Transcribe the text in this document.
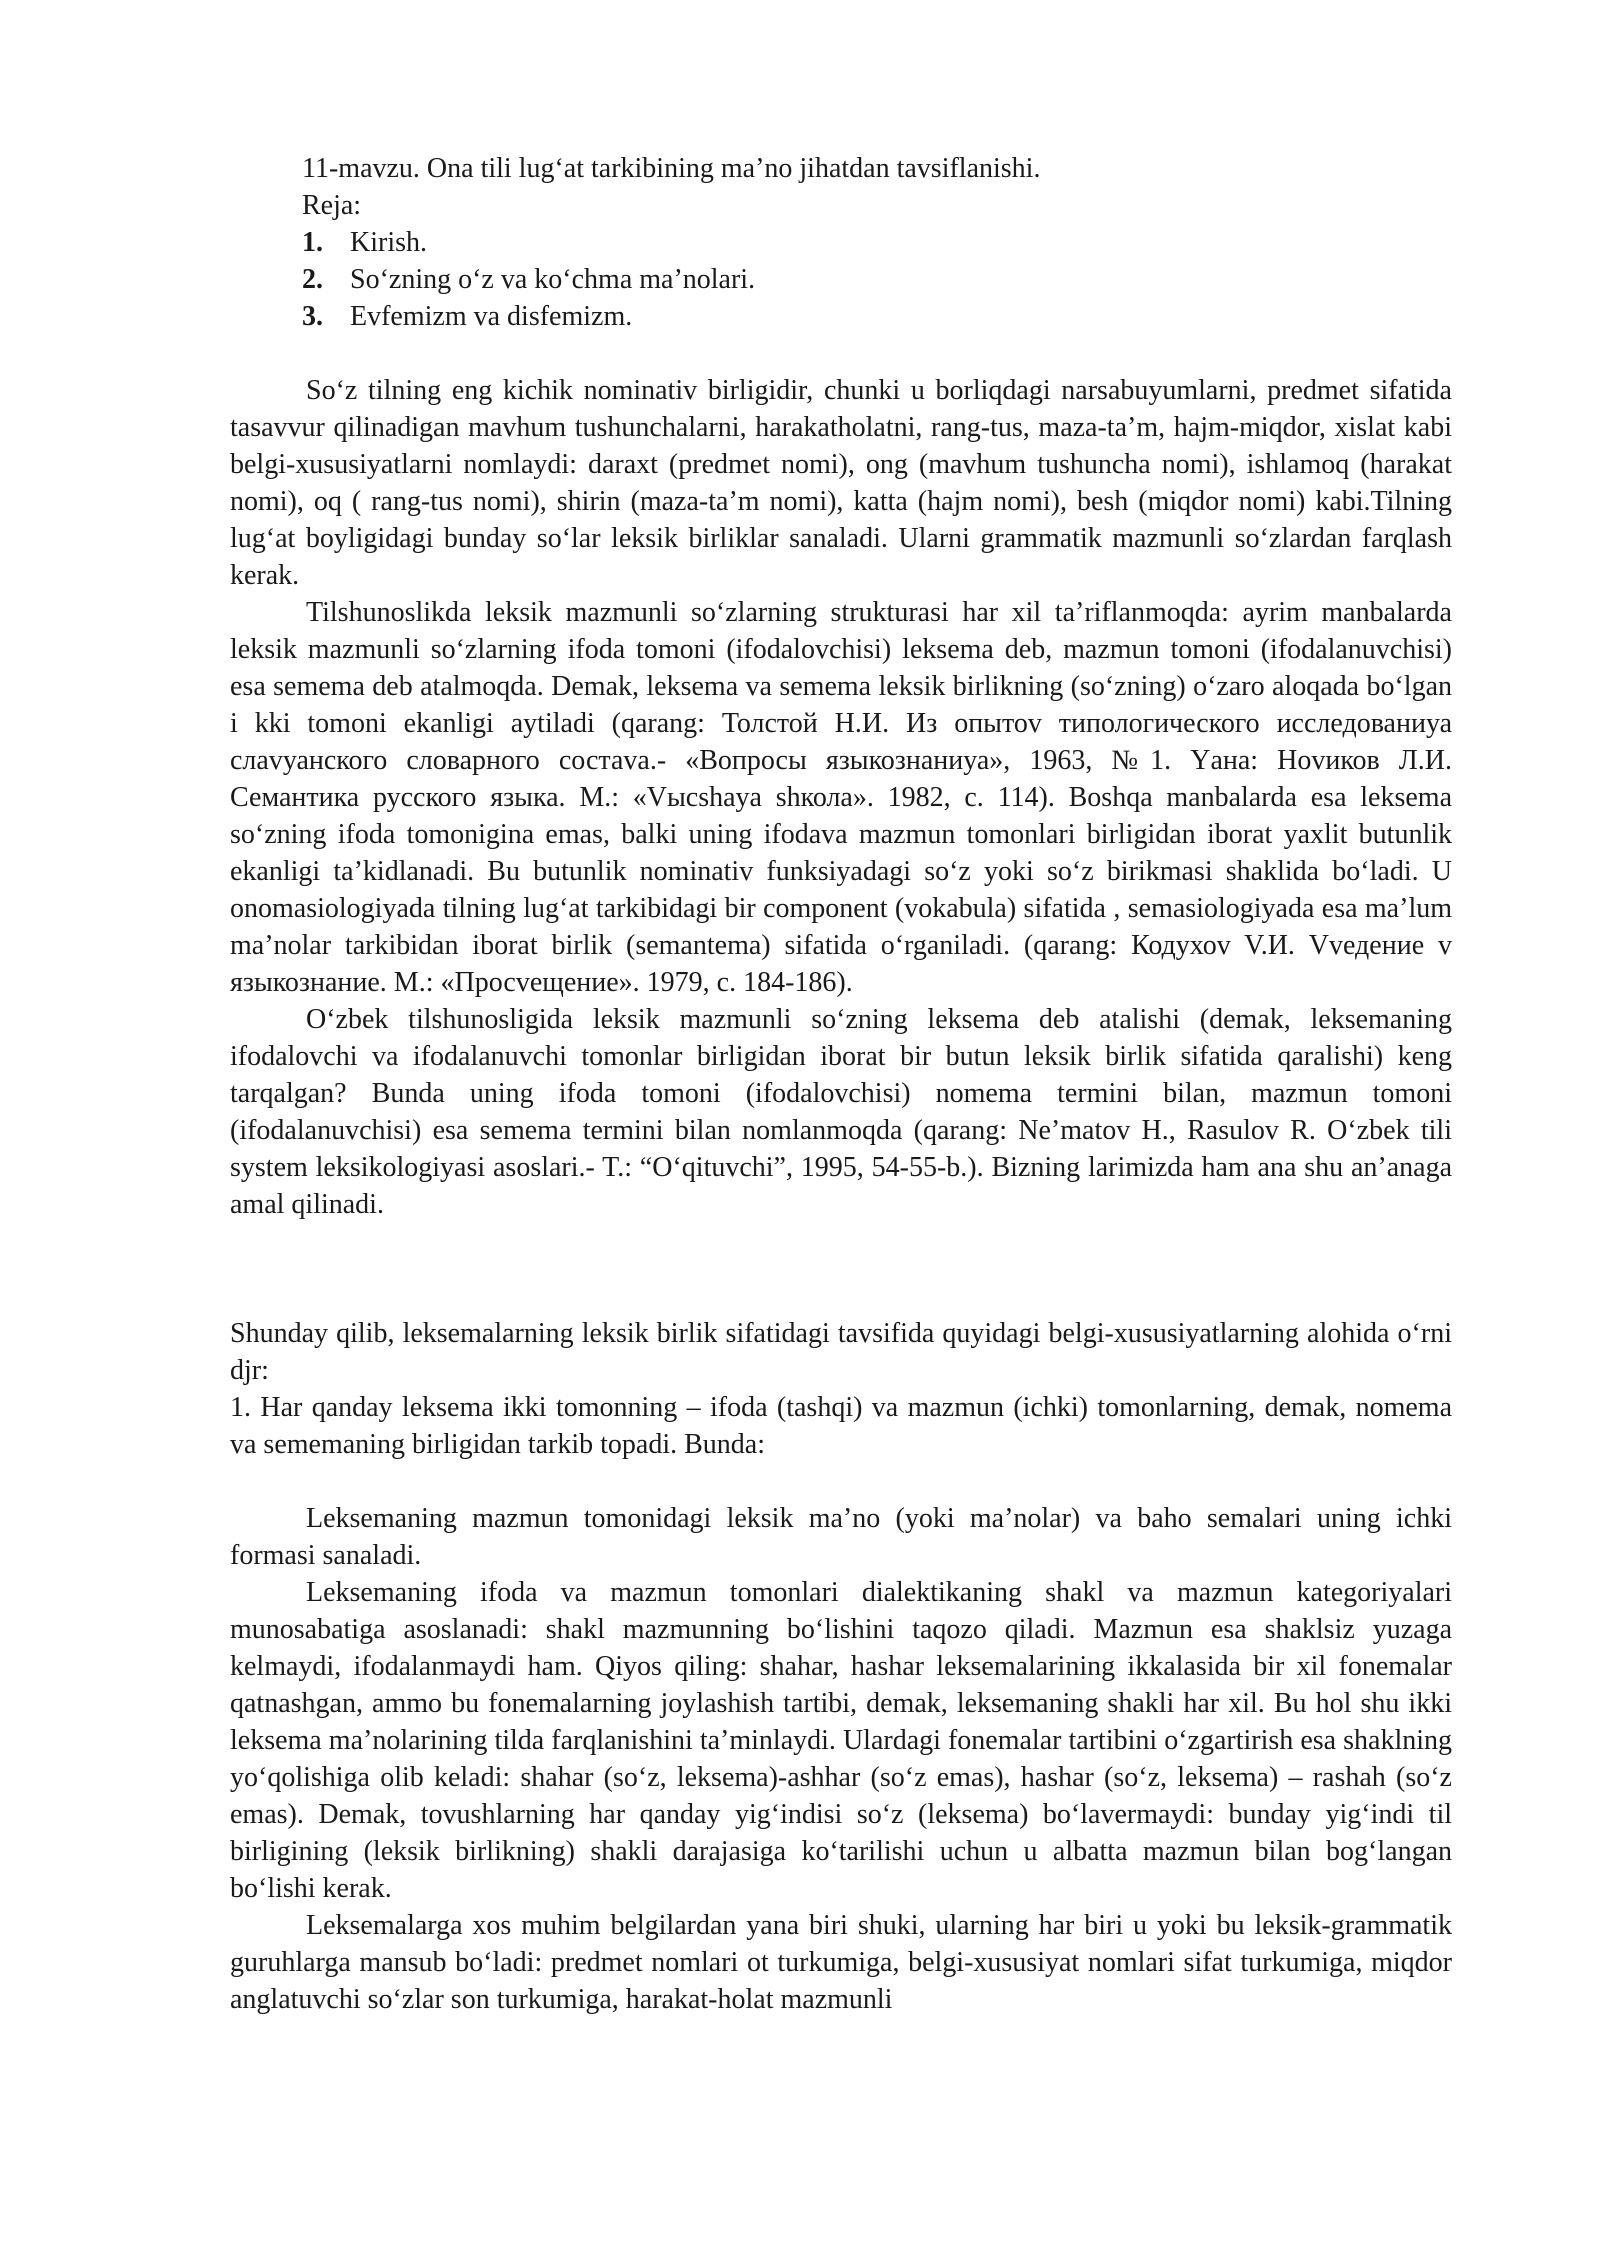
11-mavzu. Ona tili lug‘at tarkibining ma’no jihatdan tavsiflanishi.
Reja:
1. Kirish.
2. So‘zning o‘z va ko‘chma ma’nolari.
3. Evfemizm va disfemizm.

So‘z tilning eng kichik nominativ birligidir, chunki u borliqdagi narsabuyumlarni, predmet sifatida tasavvur qilinadigan mavhum tushunchalarni, harakatholatni, rang-tus, maza-ta’m, hajm-miqdor, xislat kabi belgi-xususiyatlarni nomlaydi: daraxt (predmet nomi), ong (mavhum tushuncha nomi), ishlamoq (harakat nomi), oq ( rang-tus nomi), shirin (maza-ta’m nomi), katta (hajm nomi), besh (miqdor nomi) kabi.Tilning lug‘at boyligidagi bunday so‘lar leksik birliklar sanaladi. Ularni grammatik mazmunli so‘zlardan farqlash kerak.

Tilshunoslikda leksik mazmunli so‘zlarning strukturasi har xil ta’riflanmoqda: ayrim manbalarda leksik mazmunli so‘zlarning ifoda tomoni (ifodalovchisi) leksema deb, mazmun tomoni (ifodalanuvchisi) esa semema deb atalmoqda. Demak, leksema va semema leksik birlikning (so‘zning) o‘zaro aloqada bo‘lgan i kki tomoni ekanligi aytiladi (qarang: Толстой Н.И. Из опытоv типологического исследованиуа слаvуанского словарного состаvа.- «Вопросы языкознаниуа», 1963, №1. Yана: Ноvиков Л.И. Семантика русского языка. М.: «Vысshaya shкола». 1982, с. 114). Boshqa manbalarda esa leksema so‘zning ifoda tomonigina emas, balki uning ifodava mazmun tomonlari birligidan iborat yaxlit butunlik ekanligi ta’kidlanadi. Bu butunlik nominativ funksiyadagi so‘z yoki so‘z birikmasi shaklida bo‘ladi. U onomasiologiyada tilning lug‘at tarkibidagi bir component (vokabula) sifatida , semasiologiyada esa ma’lum ma’nolar tarkibidan iborat birlik (semantema) sifatida o‘rganiladi. (qarang: Кодухоv V.И. Vvедение v языкознание. М.: «Просvещение». 1979, с. 184-186).

O‘zbek tilshunosligida leksik mazmunli so‘zning leksema deb atalishi (demak, leksemaning ifodalovchi va ifodalanuvchi tomonlar birligidan iborat bir butun leksik birlik sifatida qaralishi) keng tarqalgan? Bunda uning ifoda tomoni (ifodalovchisi) nomema termini bilan, mazmun tomoni (ifodalanuvchisi) esa semema termini bilan nomlanmoqda (qarang: Ne’matov H., Rasulov R. O‘zbek tili system leksikologiyasi asoslari.- T.: “O‘qituvchi”, 1995, 54-55-b.). Bizning larimizda ham ana shu an’anaga amal qilinadi.

Shunday qilib, leksemalarning leksik birlik sifatidagi tavsifida quyidagi belgi-xususiyatlarning alohida o‘rni djr:

1. Har qanday leksema ikki tomonning – ifoda (tashqi) va mazmun (ichki) tomonlarning, demak, nomema va sememaning birligidan tarkib topadi. Bunda:

Leksemaning mazmun tomonidagi leksik ma’no (yoki ma’nolar) va baho semalari uning ichki formasi sanaladi.

Leksemaning ifoda va mazmun tomonlari dialektikaning shakl va mazmun kategoriyalari munosabatiga asoslanadi: shakl mazmunning bo‘lishini taqozo qiladi. Mazmun esa shaklsiz yuzaga kelmaydi, ifodalanmaydi ham. Qiyos qiling: shahar, hashar leksemalarining ikkalasida bir xil fonemalar qatnashgan, ammo bu fonemalarning joylashish tartibi, demak, leksemaning shakli har xil. Bu hol shu ikki leksema ma’nolarining tilda farqlanishini ta’minlaydi. Ulardagi fonemalar tartibini o‘zgartirish esa shaklning yo‘qolishiga olib keladi: shahar (so‘z, leksema)-ashhar (so‘z emas), hashar (so‘z, leksema) – rashah (so‘z emas). Demak, tovushlarning har qanday yig‘indisi so‘z (leksema) bo‘lavermaydi: bunday yig‘indi til birligining (leksik birlikning) shakli darajasiga ko‘tarilishi uchun u albatta mazmun bilan bog‘langan bo‘lishi kerak.

Leksemalarga xos muhim belgilardan yana biri shuki, ularning har biri u yoki bu leksik-grammatik guruhlarga mansub bo‘ladi: predmet nomlari ot turkumiga, belgi-xususiyat nomlari sifat turkumiga, miqdor anglatuvchi so‘zlar son turkumiga, harakat-holat mazmunli
